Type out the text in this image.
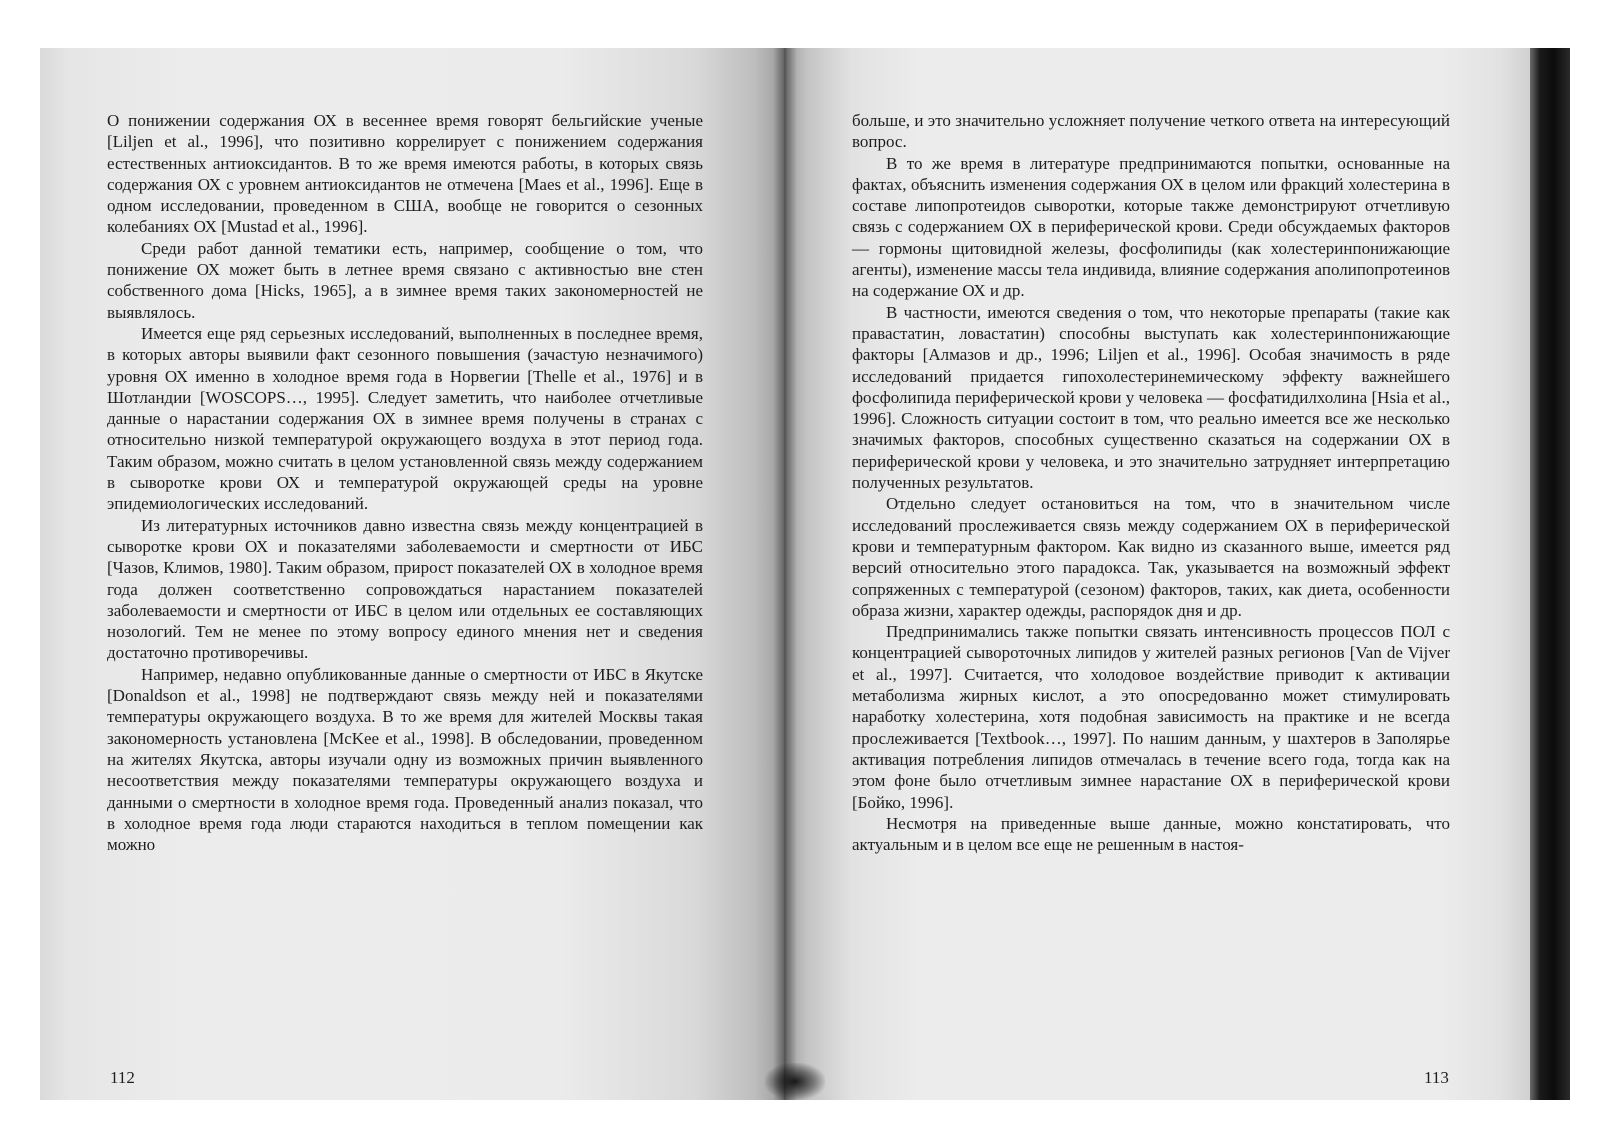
О понижении содержания ОХ в весеннее время говорят бельгийские ученые [Liljen et al., 1996], что позитивно коррелирует с понижением содержания естественных антиоксидантов. В то же время имеются работы, в которых связь содержания ОХ с уровнем антиоксидантов не отмечена [Maes et al., 1996]. Еще в одном исследовании, проведенном в США, вообще не говорится о сезонных колебаниях ОХ [Mustad et al., 1996].

Среди работ данной тематики есть, например, сообщение о том, что понижение ОХ может быть в летнее время связано с активностью вне стен собственного дома [Hicks, 1965], а в зимнее время таких закономерностей не выявлялось.

Имеется еще ряд серьезных исследований, выполненных в последнее время, в которых авторы выявили факт сезонного повышения (зачастую незначимого) уровня ОХ именно в холодное время года в Норвегии [Thelle et al., 1976] и в Шотландии [WOSCOPS…, 1995]. Следует заметить, что наиболее отчетливые данные о нарастании содержания ОХ в зимнее время получены в странах с относительно низкой температурой окружающего воздуха в этот период года. Таким образом, можно считать в целом установленной связь между содержанием в сыворотке крови ОХ и температурой окружающей среды на уровне эпидемиологических исследований.

Из литературных источников давно известна связь между концентрацией в сыворотке крови ОХ и показателями заболеваемости и смертности от ИБС [Чазов, Климов, 1980]. Таким образом, прирост показателей ОХ в холодное время года должен соответственно сопровождаться нарастанием показателей заболеваемости и смертности от ИБС в целом или отдельных ее составляющих нозологий. Тем не менее по этому вопросу единого мнения нет и сведения достаточно противоречивы.

Например, недавно опубликованные данные о смертности от ИБС в Якутске [Donaldson et al., 1998] не подтверждают связь между ней и показателями температуры окружающего воздуха. В то же время для жителей Москвы такая закономерность установлена [McKee et al., 1998]. В обследовании, проведенном на жителях Якутска, авторы изучали одну из возможных причин выявленного несоответствия между показателями температуры окружающего воздуха и данными о смертности в холодное время года. Проведенный анализ показал, что в холодное время года люди стараются находиться в теплом помещении как можно

112

больше, и это значительно усложняет получение четкого ответа на интересующий вопрос.

В то же время в литературе предпринимаются попытки, основанные на фактах, объяснить изменения содержания ОХ в целом или фракций холестерина в составе липопротеидов сыворотки, которые также демонстрируют отчетливую связь с содержанием ОХ в периферической крови. Среди обсуждаемых факторов — гормоны щитовидной железы, фосфолипиды (как холестеринпонижающие агенты), изменение массы тела индивида, влияние содержания аполипопротеинов на содержание ОХ и др.

В частности, имеются сведения о том, что некоторые препараты (такие как правастатин, ловастатин) способны выступать как холестеринпонижающие факторы [Алмазов и др., 1996; Liljen et al., 1996]. Особая значимость в ряде исследований придается гипохолестеринемическому эффекту важнейшего фосфолипида периферической крови у человека — фосфатидилхолина [Hsia et al., 1996]. Сложность ситуации состоит в том, что реально имеется все же несколько значимых факторов, способных существенно сказаться на содержании ОХ в периферической крови у человека, и это значительно затрудняет интерпретацию полученных результатов.

Отдельно следует остановиться на том, что в значительном числе исследований прослеживается связь между содержанием ОХ в периферической крови и температурным фактором. Как видно из сказанного выше, имеется ряд версий относительно этого парадокса. Так, указывается на возможный эффект сопряженных с температурой (сезоном) факторов, таких, как диета, особенности образа жизни, характер одежды, распорядок дня и др.

Предпринимались также попытки связать интенсивность процессов ПОЛ с концентрацией сывороточных липидов у жителей разных регионов [Van de Vijver et al., 1997]. Считается, что холодовое воздействие приводит к активации метаболизма жирных кислот, а это опосредованно может стимулировать наработку холестерина, хотя подобная зависимость на практике и не всегда прослеживается [Textbook…, 1997]. По нашим данным, у шахтеров в Заполярье активация потребления липидов отмечалась в течение всего года, тогда как на этом фоне было отчетливым зимнее нарастание ОХ в периферической крови [Бойко, 1996].

Несмотря на приведенные выше данные, можно констатировать, что актуальным и в целом все еще не решенным в настоя-

113
